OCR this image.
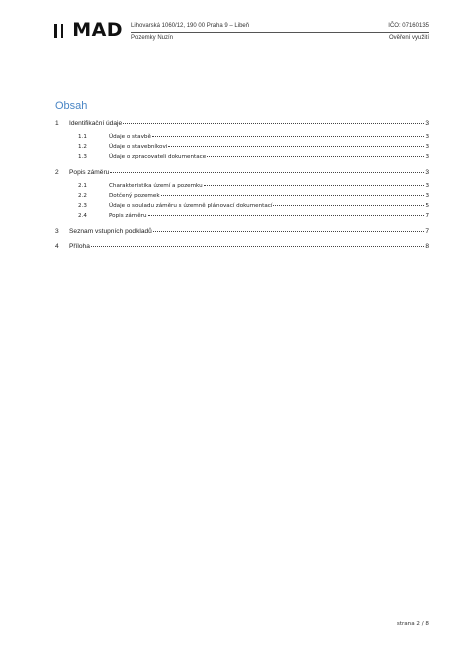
MAD Lihovarská 1060/12, 190 00 Praha 9 – Libeň	IČO: 07160135
Pozemky Nuzín	Ověření využití
Obsah
1	Identifikační údaje	3
1.1	Údaje o stavbě	3
1.2	Údaje o stavebníkovi	3
1.3	Údaje o zpracovateli dokumentace	3
2	Popis záměru	3
2.1	Charakteristika území a pozemku	3
2.2	Dotčený pozemek	3
2.3	Údaje o souladu záměru s územně plánovací dokumentací	5
2.4	Popis záměru	7
3	Seznam vstupních podkladů	7
4	Příloha	8
strana 2 / 8
